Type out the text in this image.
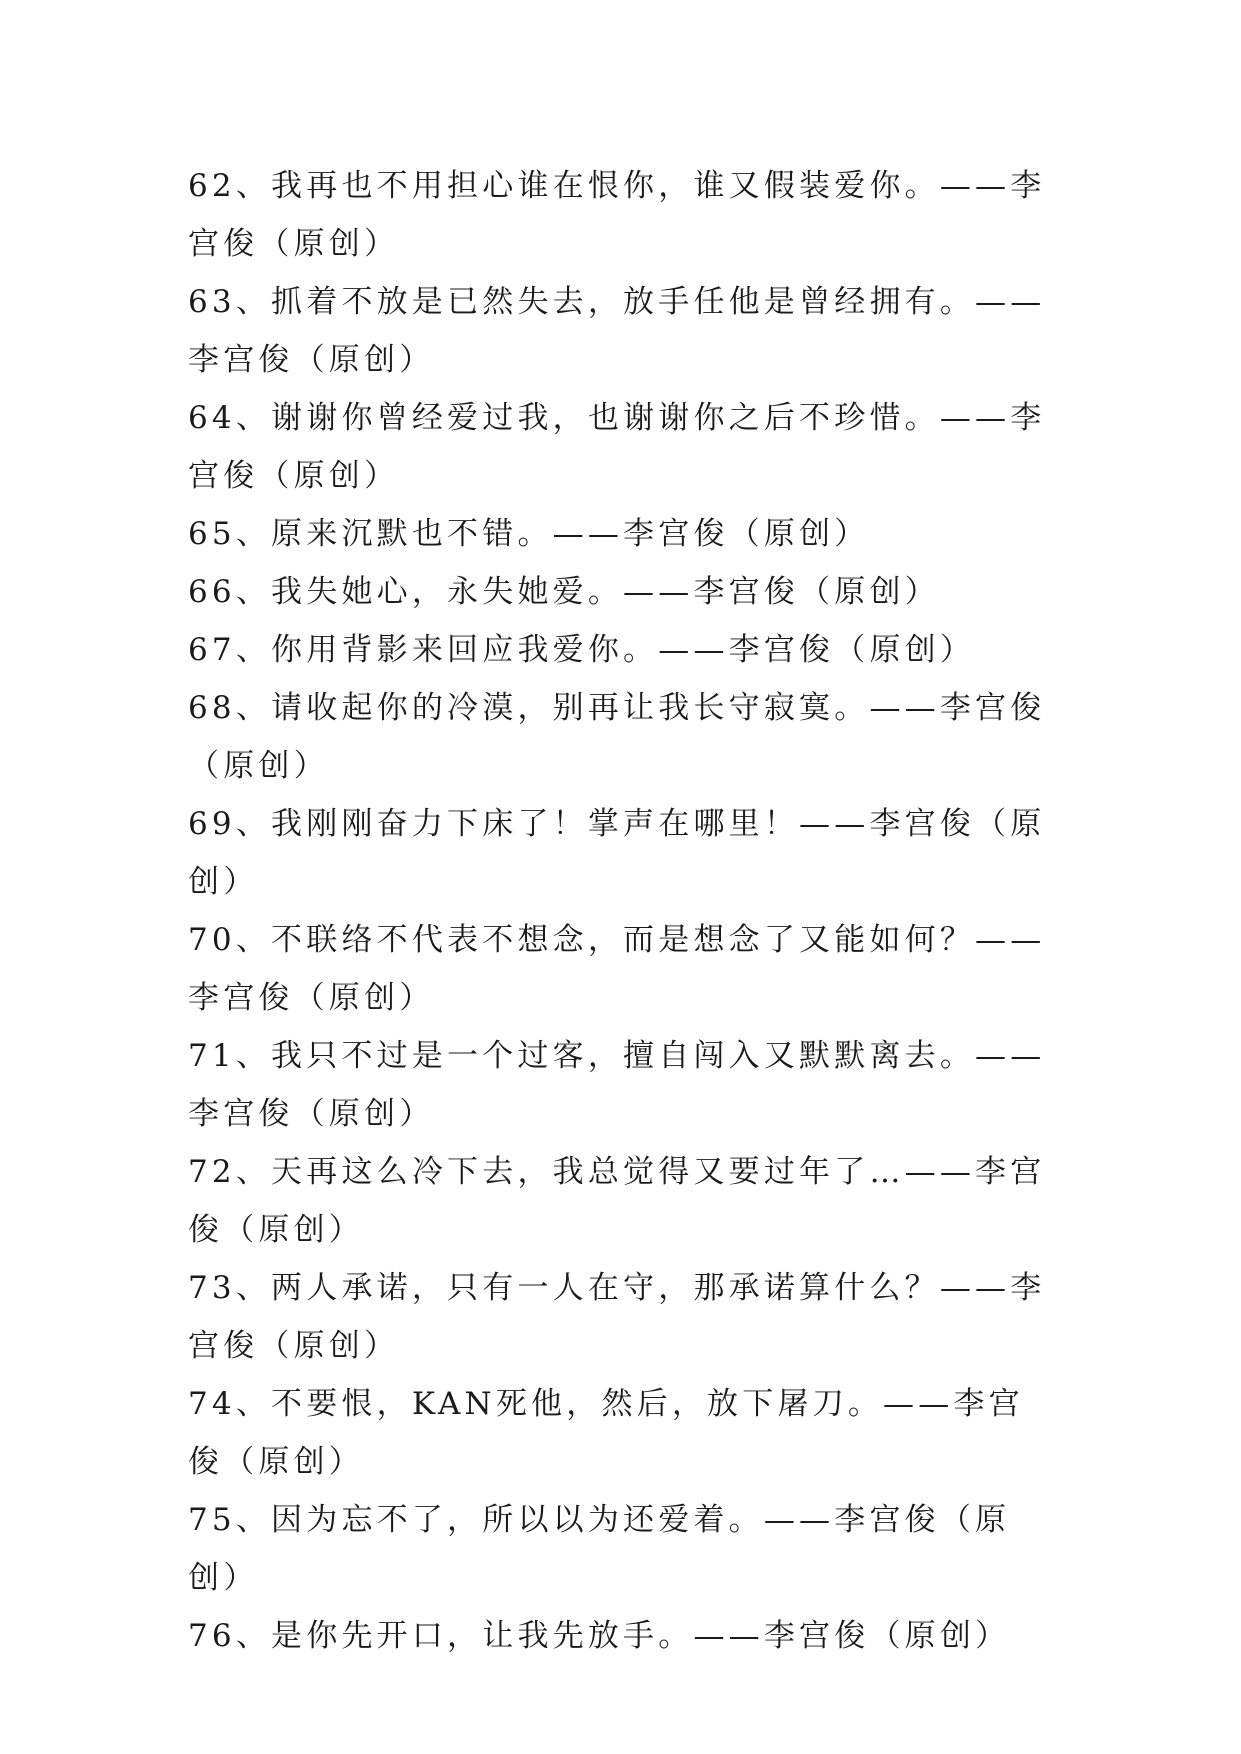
62、我再也不用担心谁在恨你，谁又假装爱你。——李宫俊（原创）

63、抓着不放是已然失去，放手任他是曾经拥有。——李宫俊（原创）

64、谢谢你曾经爱过我，也谢谢你之后不珍惜。——李宫俊（原创）

65、原来沉默也不错。——李宫俊（原创）

66、我失她心，永失她爱。——李宫俊（原创）

67、你用背影来回应我爱你。——李宫俊（原创）

68、请收起你的冷漠，别再让我长守寂寞。——李宫俊（原创）

69、我刚刚奋力下床了！掌声在哪里！——李宫俊（原创）

70、不联络不代表不想念，而是想念了又能如何？——李宫俊（原创）

71、我只不过是一个过客，擅自闯入又默默离去。——李宫俊（原创）

72、天再这么冷下去，我总觉得又要过年了…——李宫俊（原创）

73、两人承诺，只有一人在守，那承诺算什么？——李宫俊（原创）

74、不要恨，KAN死他，然后，放下屠刀。——李宫俊（原创）

75、因为忘不了，所以以为还爱着。——李宫俊（原创）

76、是你先开口，让我先放手。——李宫俊（原创）
